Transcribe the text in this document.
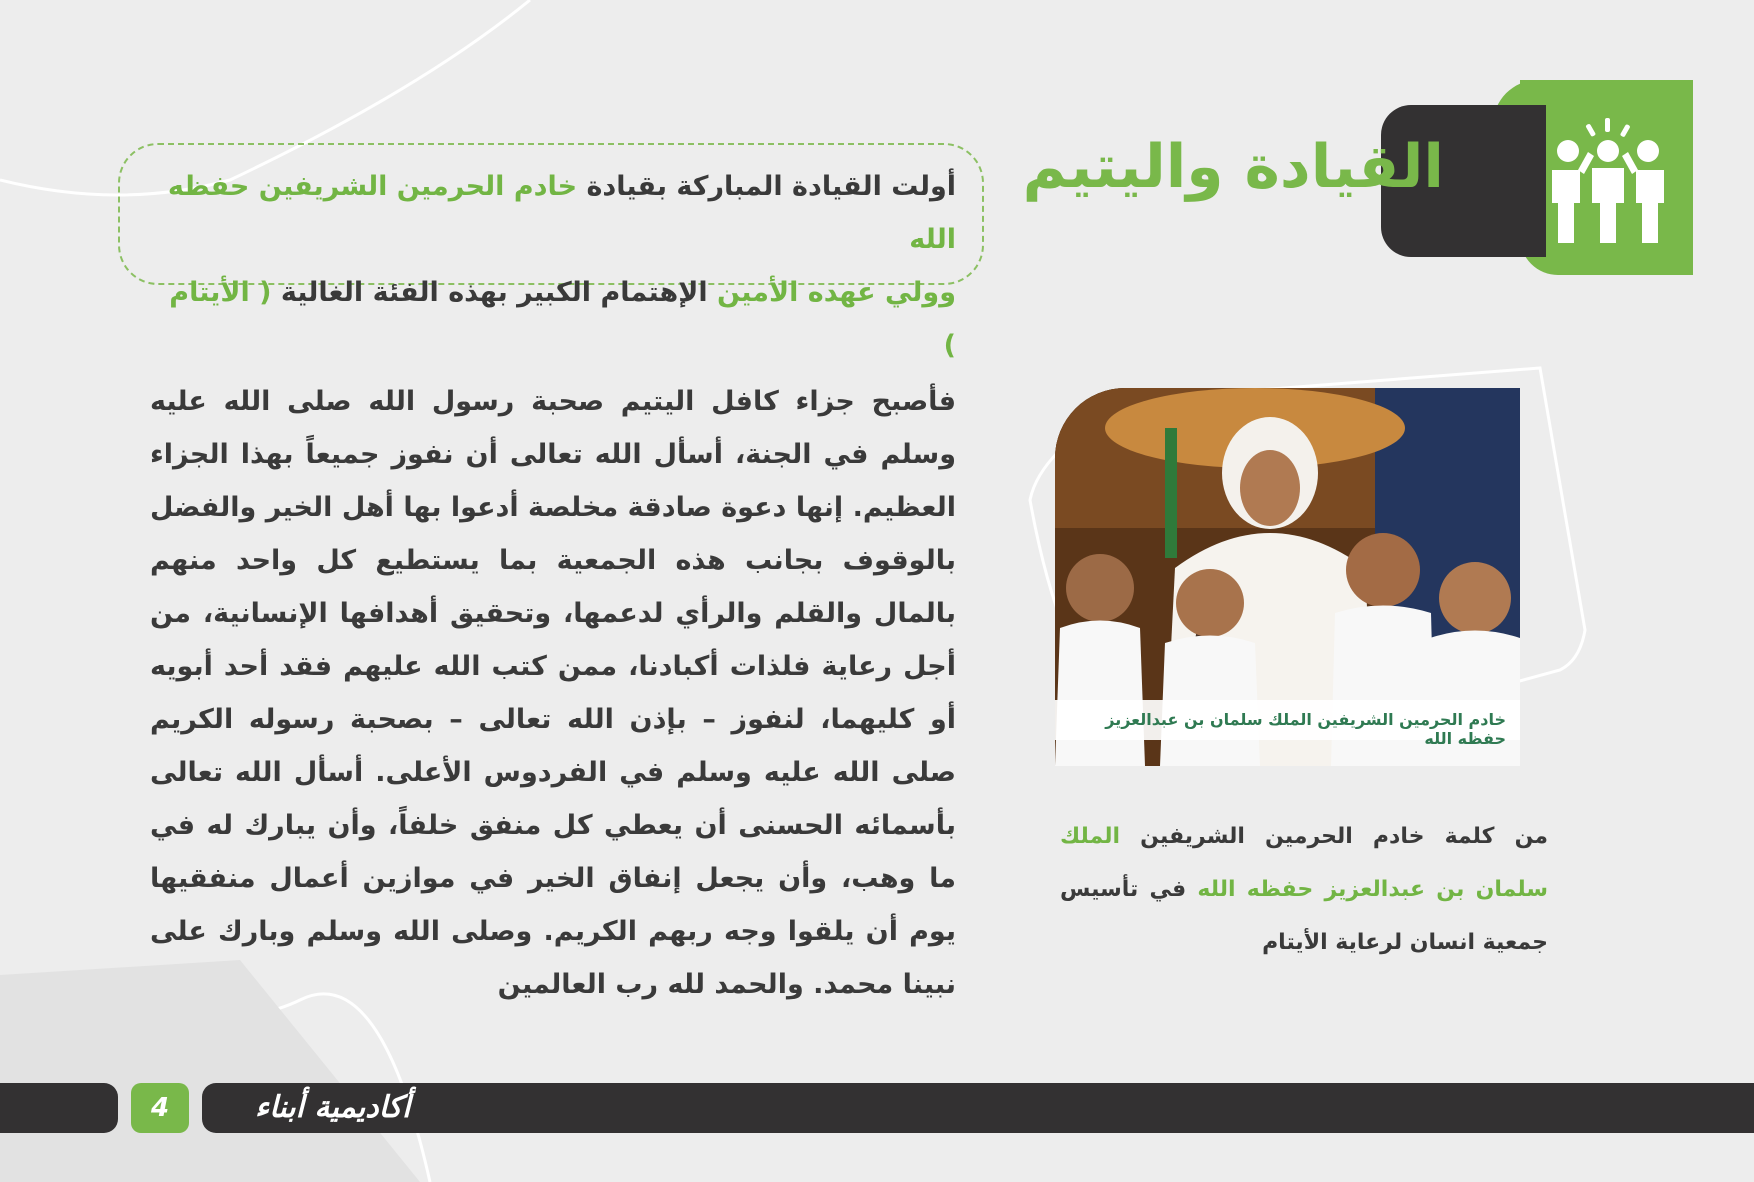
القيادة واليتيم

أولت القيادة المباركة بقيادة خادم الحرمين الشريفين حفظه الله
وولي عهده الأمين الإهتمام الكبير بهذه الفئة الغالية ( الأيتام )

فأصبح جزاء كافل اليتيم صحبة رسول الله صلى الله عليه وسلم في الجنة، أسأل الله تعالى أن نفوز جميعاً بهذا الجزاء العظيم. إنها دعوة صادقة مخلصة أدعوا بها أهل الخير والفضل بالوقوف بجانب هذه الجمعية بما يستطيع كل واحد منهم بالمال والقلم والرأي لدعمها، وتحقيق أهدافها الإنسانية، من أجل رعاية فلذات أكبادنا، ممن كتب الله عليهم فقد أحد أبويه أو كليهما، لنفوز – بإذن الله تعالى – بصحبة رسوله الكريم صلى الله عليه وسلم في الفردوس الأعلى. أسأل الله تعالى بأسمائه الحسنى أن يعطي كل منفق خلفاً، وأن يبارك له في ما وهب، وأن يجعل إنفاق الخير في موازين أعمال منفقيها يوم أن يلقوا وجه ربهم الكريم. وصلى الله وسلم وبارك على نبينا محمد. والحمد لله رب العالمين

خادم الحرمين الشريفين الملك سلمان بن عبدالعزيز حفظه الله

من كلمة خادم الحرمين الشريفين الملك سلمان بن عبدالعزيز حفظه الله في تأسيس جمعية انسان لرعاية الأيتام

4	أكاديمية أبناء
